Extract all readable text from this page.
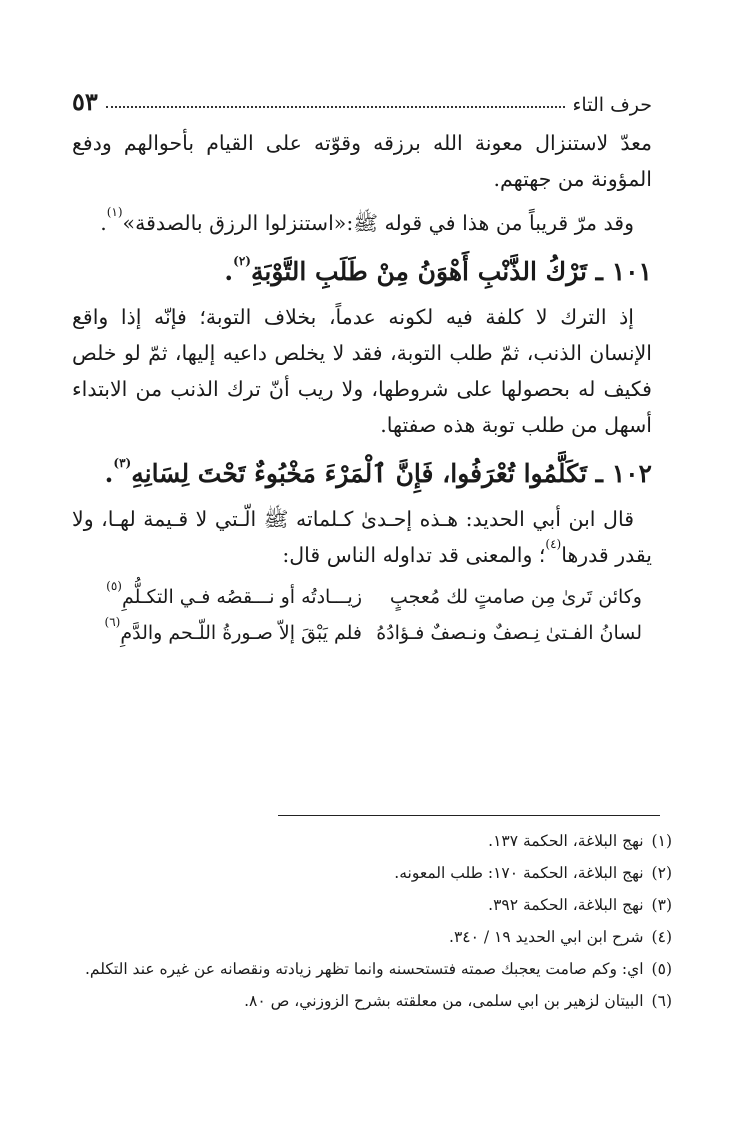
حرف التاء
٥٣

معدّ لاستنزال معونة الله برزقه وقوّته على القيام بأحوالهم ودفع المؤونة من جهتهم.

وقد مرّ قريباً من هذا في قوله ﷺ:«استنزلوا الرزق بالصدقة»$^{(١)}$.

١٠١ ـ تَرْكُ الذَّنْبِ أَهْوَنُ مِنْ طَلَبِ التَّوْبَةِ$^{(٢)}$.

إذ الترك لا كلفة فيه لكونه عدماً، بخلاف التوبة؛ فإنّه إذا واقع الإنسان الذنب، ثمّ طلب التوبة، فقد لا يخلص داعيه إليها، ثمّ لو خلص فكيف له بحصولها على شروطها، ولا ريب أنّ ترك الذنب من الابتداء أسهل من طلب توبة هذه صفتها.

١٠٢ ـ تَكَلَّمُوا تُعْرَفُوا، فَإِنَّ ٱلْمَرْءَ مَخْبُوءٌ تَحْتَ لِسَانِهِ$^{(٣)}$.

قال ابن أبي الحديد: هـذه إحـدىٰ كـلماته ﷺ الّـتي لا قـيمة لهـا، ولا يقدر قدرها$^{(٤)}$؛ والمعنى قد تداوله الناس قال:

وكائن تَرىٰ مِن صامتٍ لك مُعجبٍ
زيـــادتُه أو نـــقصُه فـي التكـلُّمِ$^{(٥)}$
لسانُ الفـتىٰ نِـصفٌ ونـصفٌ فـؤادُهُ
فلم يَبْقَ إلاّ صـورةُ اللّـحم والدَّمِ$^{(٦)}$

(١)نهج البلاغة، الحكمة ١٣٧.

(٢)نهج البلاغة، الحكمة ١٧٠: طلب المعونه.

(٣)نهج البلاغة، الحكمة ٣٩٢.

(٤)شرح ابن ابي الحديد ١٩ / ٣٤٠.

(٥)اي: وكم صامت يعجبك صمته فتستحسنه وانما تظهر زيادته ونقصانه عن غيره عند التكلم.

(٦)البيتان لزهير بن ابي سلمى، من معلقته بشرح الزوزني، ص ٨٠.
